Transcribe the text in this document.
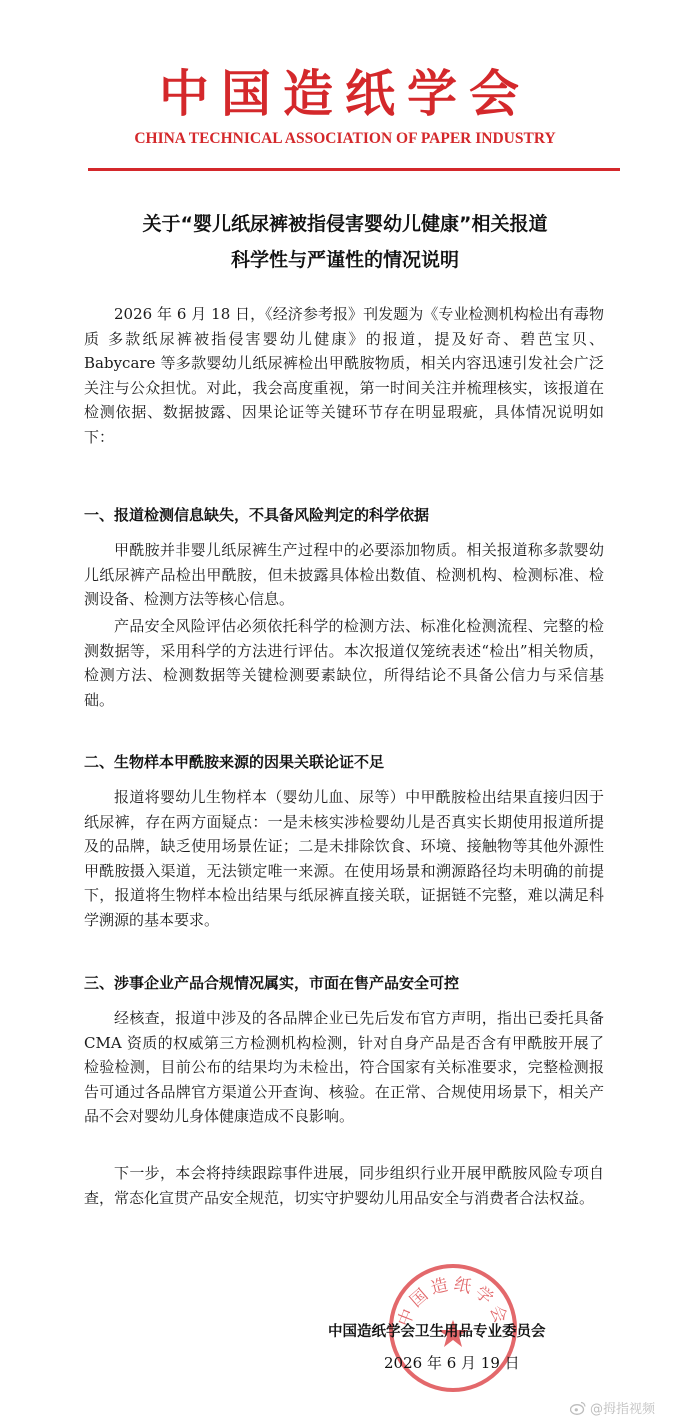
中国造纸学会
CHINA TECHNICAL ASSOCIATION OF PAPER INDUSTRY
关于“婴儿纸尿裤被指侵害婴幼儿健康”相关报道
科学性与严谨性的情况说明

2026 年 6 月 18 日，《经济参考报》刊发题为《专业检测机构检出有毒物质 多款纸尿裤被指侵害婴幼儿健康》的报道，提及好奇、碧芭宝贝、Babycare 等多款婴幼儿纸尿裤检出甲酰胺物质，相关内容迅速引发社会广泛关注与公众担忧。对此，我会高度重视，第一时间关注并梳理核实，该报道在检测依据、数据披露、因果论证等关键环节存在明显瑕疵，具体情况说明如下：

一、报道检测信息缺失，不具备风险判定的科学依据

甲酰胺并非婴儿纸尿裤生产过程中的必要添加物质。相关报道称多款婴幼儿纸尿裤产品检出甲酰胺，但未披露具体检出数值、检测机构、检测标准、检测设备、检测方法等核心信息。

产品安全风险评估必须依托科学的检测方法、标准化检测流程、完整的检测数据等，采用科学的方法进行评估。本次报道仅笼统表述“检出”相关物质，检测方法、检测数据等关键检测要素缺位，所得结论不具备公信力与采信基础。

二、生物样本甲酰胺来源的因果关联论证不足

报道将婴幼儿生物样本（婴幼儿血、尿等）中甲酰胺检出结果直接归因于纸尿裤，存在两方面疑点：一是未核实涉检婴幼儿是否真实长期使用报道所提及的品牌，缺乏使用场景佐证；二是未排除饮食、环境、接触物等其他外源性甲酰胺摄入渠道，无法锁定唯一来源。在使用场景和溯源路径均未明确的前提下，报道将生物样本检出结果与纸尿裤直接关联，证据链不完整，难以满足科学溯源的基本要求。

三、涉事企业产品合规情况属实，市面在售产品安全可控

经核查，报道中涉及的各品牌企业已先后发布官方声明，指出已委托具备 CMA 资质的权威第三方检测机构检测，针对自身产品是否含有甲酰胺开展了检验检测，目前公布的结果均为未检出，符合国家有关标准要求，完整检测报告可通过各品牌官方渠道公开查询、核验。在正常、合规使用场景下，相关产品不会对婴幼儿身体健康造成不良影响。

下一步，本会将持续跟踪事件进展，同步组织行业开展甲酰胺风险专项自查，常态化宣贯产品安全规范，切实守护婴幼儿用品安全与消费者合法权益。

中国造纸学会
中国造纸学会卫生用品专业委员会
2026 年 6 月 19 日
@拇指视频
